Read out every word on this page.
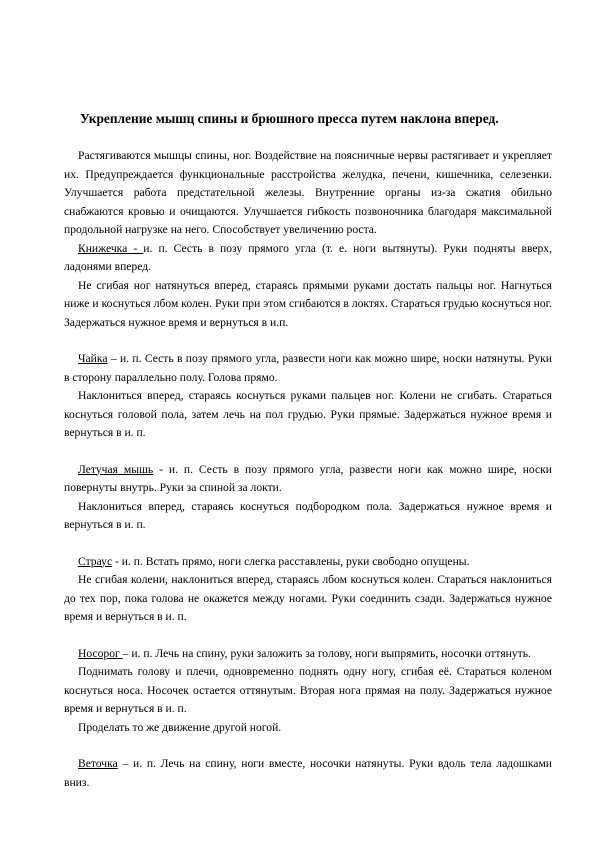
Укрепление мышц спины и брюшного пресса путем наклона вперед.

Растягиваются мышцы спины, ног. Воздействие на поясничные нервы растягивает и укрепляет их. Предупреждается функциональные расстройства желудка, печени, кишечника, селезенки. Улучшается работа предстательной железы. Внутренние органы из-за сжатия обильно снабжаются кровью и очищаются. Улучшается гибкость позвоночника благодаря максимальной продольной нагрузке на него. Способствует увеличению роста.

Книжечка - и. п. Сесть в позу прямого угла (т. е. ноги вытянуты). Руки подняты вверх, ладонями вперед.

Не сгибая ног натянуться вперед, стараясь прямыми руками достать пальцы ног. Нагнуться ниже и коснуться лбом колен. Руки при этом сгибаются в локтях. Стараться грудью коснуться ног. Задержаться нужное время и вернуться в и.п.

Чайка – и. п. Сесть в позу прямого угла, развести ноги как можно шире, носки натянуты. Руки в сторону параллельно полу. Голова прямо.

Наклониться вперед, стараясь коснуться руками пальцев ног. Колени не сгибать. Стараться коснуться головой пола, затем лечь на пол грудью. Руки прямые. Задержаться нужное время и вернуться в и. п.

Летучая мышь - и. п. Сесть в позу прямого угла, развести ноги как можно шире, носки повернуты внутрь. Руки за спиной за локти.

Наклониться вперед, стараясь коснуться подбородком пола. Задержаться нужное время и вернуться в и. п.

Страус - и. п. Встать прямо, ноги слегка расставлены, руки свободно опущены.

Не сгибая колени, наклониться вперед, стараясь лбом коснуться колен. Стараться наклониться до тех пор, пока голова не окажется между ногами. Руки соединить сзади. Задержаться нужное время и вернуться в и. п.

Носорог – и. п. Лечь на спину, руки заложить за голову, ноги выпрямить, носочки оттянуть.

Поднимать голову и плечи, одновременно поднять одну ногу, сгибая её. Стараться коленом коснуться носа. Носочек остается оттянутым. Вторая нога прямая на полу. Задержаться нужное время и вернуться в и. п.

Проделать то же движение другой ногой.

Веточка – и. п. Лечь на спину, ноги вместе, носочки натянуты. Руки вдоль тела ладошками вниз.
